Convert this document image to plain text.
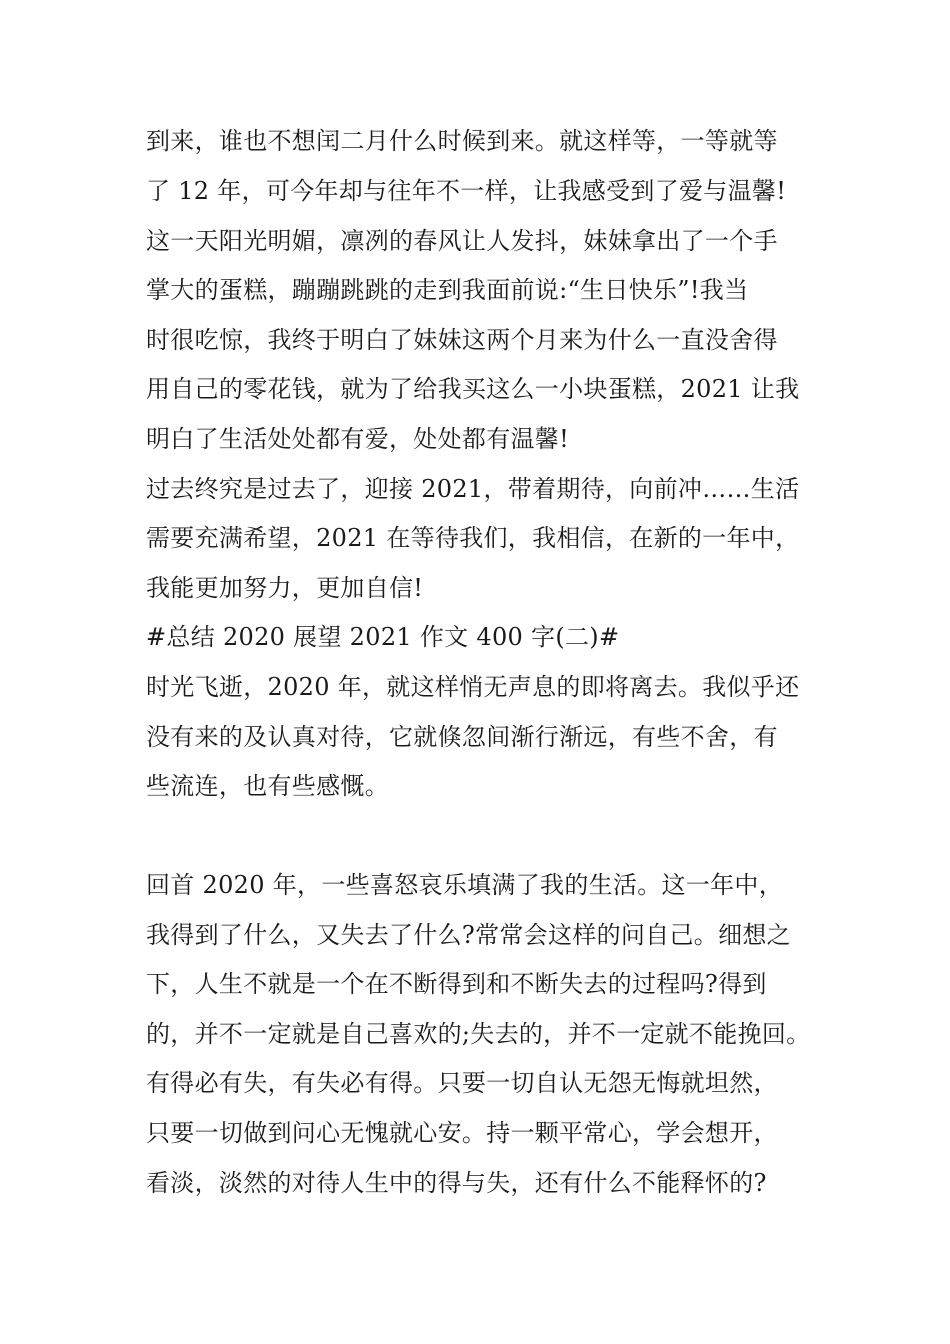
到来，谁也不想闰二月什么时候到来。就这样等，一等就等
了 12 年，可今年却与往年不一样，让我感受到了爱与温馨!
这一天阳光明媚，凛冽的春风让人发抖，妹妹拿出了一个手
掌大的蛋糕，蹦蹦跳跳的走到我面前说:“生日快乐”!我当
时很吃惊，我终于明白了妹妹这两个月来为什么一直没舍得
用自己的零花钱，就为了给我买这么一小块蛋糕，2021 让我
明白了生活处处都有爱，处处都有温馨!
过去终究是过去了，迎接 2021，带着期待，向前冲……生活
需要充满希望，2021 在等待我们，我相信，在新的一年中，
我能更加努力，更加自信!
#总结 2020 展望 2021 作文 400 字(二)#
时光飞逝，2020 年，就这样悄无声息的即将离去。我似乎还
没有来的及认真对待，它就倏忽间渐行渐远，有些不舍，有
些流连，也有些感慨。
回首 2020 年，一些喜怒哀乐填满了我的生活。这一年中，
我得到了什么，又失去了什么?常常会这样的问自己。细想之
下，人生不就是一个在不断得到和不断失去的过程吗?得到
的，并不一定就是自己喜欢的;失去的，并不一定就不能挽回。
有得必有失，有失必有得。只要一切自认无怨无悔就坦然，
只要一切做到问心无愧就心安。持一颗平常心，学会想开，
看淡，淡然的对待人生中的得与失，还有什么不能释怀的?
